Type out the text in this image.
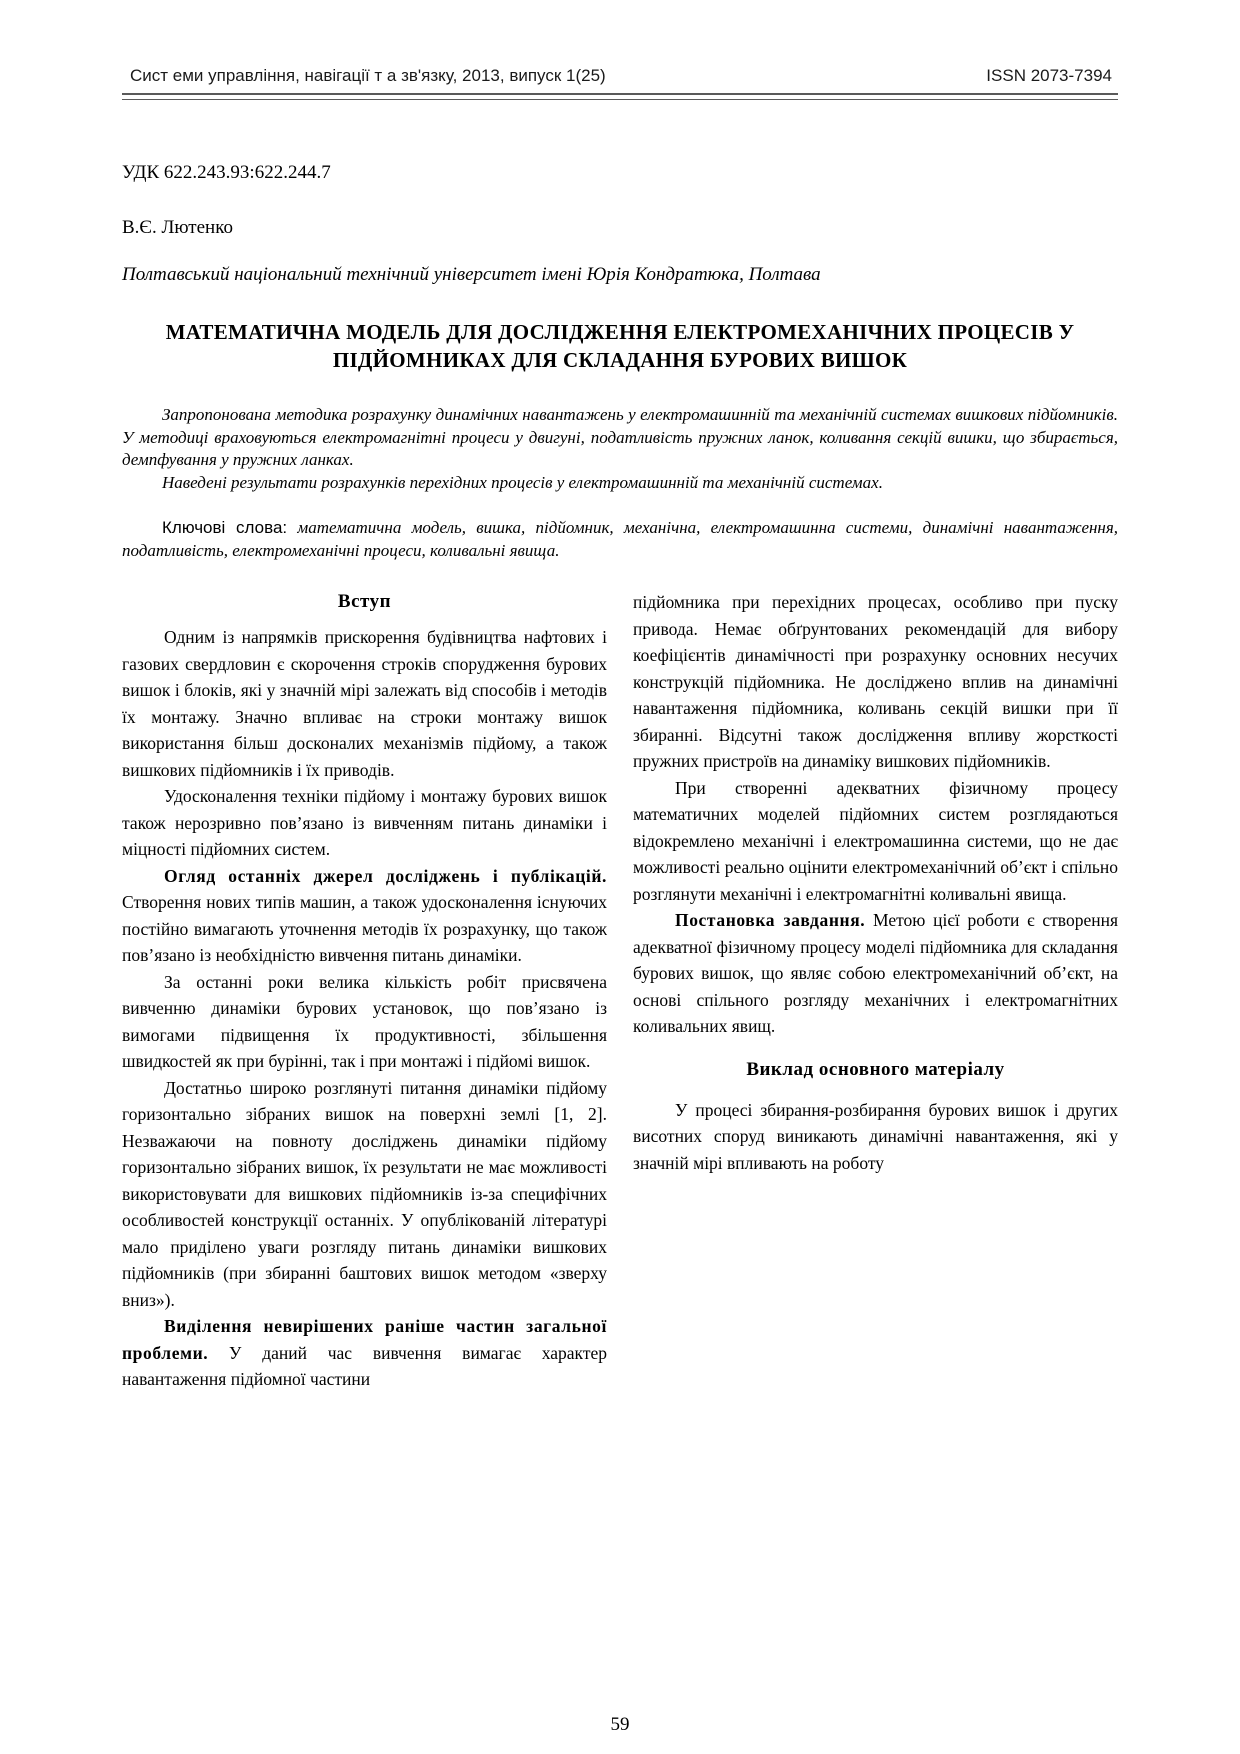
Сист еми управління, навігації т а зв'язку, 2013, випуск 1(25)	ISSN 2073-7394

УДК 622.243.93:622.244.7

В.Є. Лютенко

Полтавський національний технічний університет імені Юрія Кондратюка, Полтава

МАТЕМАТИЧНА МОДЕЛЬ ДЛЯ ДОСЛІДЖЕННЯ ЕЛЕКТРОМЕХАНІЧНИХ ПРОЦЕСІВ У ПІДЙОМНИКАХ ДЛЯ СКЛАДАННЯ БУРОВИХ ВИШОК

Запропонована методика розрахунку динамічних навантажень у електромашинній та механічній системах вишкових підйомників. У методиці враховуються електромагнітні процеси у двигуні, податливість пружних ланок, коливання секцій вишки, що збирається, демпфування у пружних ланках.

Наведені результати розрахунків перехідних процесів у електромашинній та механічній системах.

Ключові слова: математична модель, вишка, підйомник, механічна, електромашинна системи, динамічні навантаження, податливість, електромеханічні процеси, коливальні явища.

Вступ

Одним із напрямків прискорення будівництва нафтових і газових свердловин є скорочення строків спорудження бурових вишок і блоків, які у значній мірі залежать від способів і методів їх монтажу. Значно впливає на строки монтажу вишок використання більш досконалих механізмів підйому, а також вишкових підйомників і їх приводів.

Удосконалення техніки підйому і монтажу бурових вишок також нерозривно пов’язано із вивченням питань динаміки і міцності підйомних систем.

Огляд останніх джерел досліджень і публікацій. Створення нових типів машин, а також удосконалення існуючих постійно вимагають уточнення методів їх розрахунку, що також пов’язано із необхідністю вивчення питань динаміки.

За останні роки велика кількість робіт присвячена вивченню динаміки бурових установок, що пов’язано із вимогами підвищення їх продуктивності, збільшення швидкостей як при бурінні, так і при монтажі і підйомі вишок.

Достатньо широко розглянуті питання динаміки підйому горизонтально зібраних вишок на поверхні землі [1, 2]. Незважаючи на повноту досліджень динаміки підйому горизонтально зібраних вишок, їх результати не має можливості використовувати для вишкових підйомників із-за специфічних особливостей конструкції останніх. У опублікованій літературі мало приділено уваги розгляду питань динаміки вишкових підйомників (при збиранні баштових вишок методом «зверху вниз»).

Виділення невирішених раніше частин загальної проблеми. У даний час вивчення вимагає характер навантаження підйомної частини

підйомника при перехідних процесах, особливо при пуску привода. Немає обґрунтованих рекомендацій для вибору коефіцієнтів динамічності при розрахунку основних несучих конструкцій підйомника. Не досліджено вплив на динамічні навантаження підйомника, коливань секцій вишки при її збиранні. Відсутні також дослідження впливу жорсткості пружних пристроїв на динаміку вишкових підйомників.

При створенні адекватних фізичному процесу математичних моделей підйомних систем розглядаються відокремлено механічні і електромашинна системи, що не дає можливості реально оцінити електромеханічний об’єкт і спільно розглянути механічні і електромагнітні коливальні явища.

Постановка завдання. Метою цієї роботи є створення адекватної фізичному процесу моделі підйомника для складання бурових вишок, що являє собою електромеханічний об’єкт, на основі спільного розгляду механічних і електромагнітних коливальних явищ.

Виклад основного матеріалу

У процесі збирання-розбирання бурових вишок і других висотних споруд виникають динамічні навантаження, які у значній мірі впливають на роботу

59
